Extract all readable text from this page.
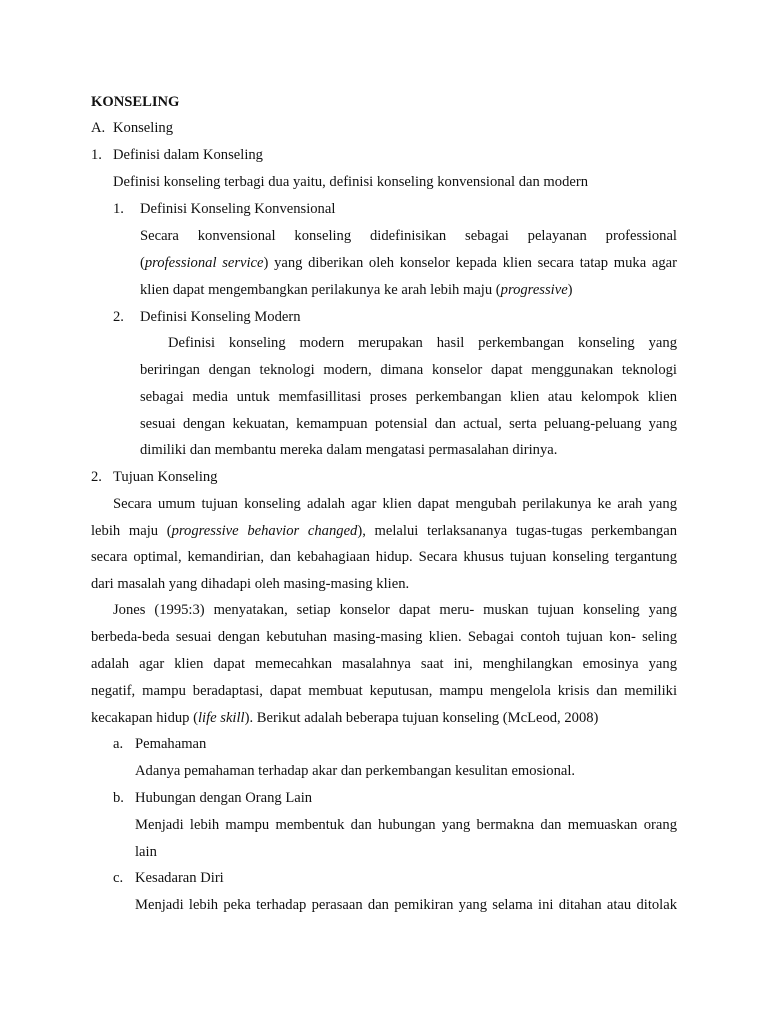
KONSELING
A. Konseling
1. Definisi dalam Konseling
Definisi konseling terbagi dua yaitu, definisi konseling konvensional dan modern
1. Definisi Konseling Konvensional
Secara konvensional konseling didefinisikan sebagai pelayanan professional
(professional service) yang diberikan oleh konselor kepada klien secara tatap muka agar
klien dapat mengembangkan perilakunya ke arah lebih maju (progressive)
2. Definisi Konseling Modern
Definisi konseling modern merupakan hasil perkembangan konseling yang
beriringan dengan teknologi modern, dimana konselor dapat menggunakan teknologi
sebagai media untuk memfasillitasi proses perkembangan klien atau kelompok klien
sesuai dengan kekuatan, kemampuan potensial dan actual, serta peluang-peluang yang
dimiliki dan membantu mereka dalam mengatasi permasalahan dirinya.
2. Tujuan Konseling
Secara umum tujuan konseling adalah agar klien dapat mengubah perilakunya ke arah yang
lebih maju (progressive behavior changed), melalui terlaksananya tugas-tugas perkembangan
secara optimal, kemandirian, dan kebahagiaan hidup. Secara khusus tujuan konseling tergantung
dari masalah yang dihadapi oleh masing-masing klien.
Jones (1995:3) menyatakan, setiap konselor dapat meru- muskan tujuan konseling yang
berbeda-beda sesuai dengan kebutuhan masing-masing klien. Sebagai contoh tujuan kon- seling
adalah agar klien dapat memecahkan masalahnya saat ini, menghilangkan emosinya yang
negatif, mampu beradaptasi, dapat membuat keputusan, mampu mengelola krisis dan memiliki
kecakapan hidup (life skill). Berikut adalah beberapa tujuan konseling (McLeod, 2008)
a. Pemahaman
Adanya pemahaman terhadap akar dan perkembangan kesulitan emosional.
b. Hubungan dengan Orang Lain
Menjadi lebih mampu membentuk dan hubungan yang bermakna dan memuaskan orang
lain
c. Kesadaran Diri
Menjadi lebih peka terhadap perasaan dan pemikiran yang selama ini ditahan atau ditolak
